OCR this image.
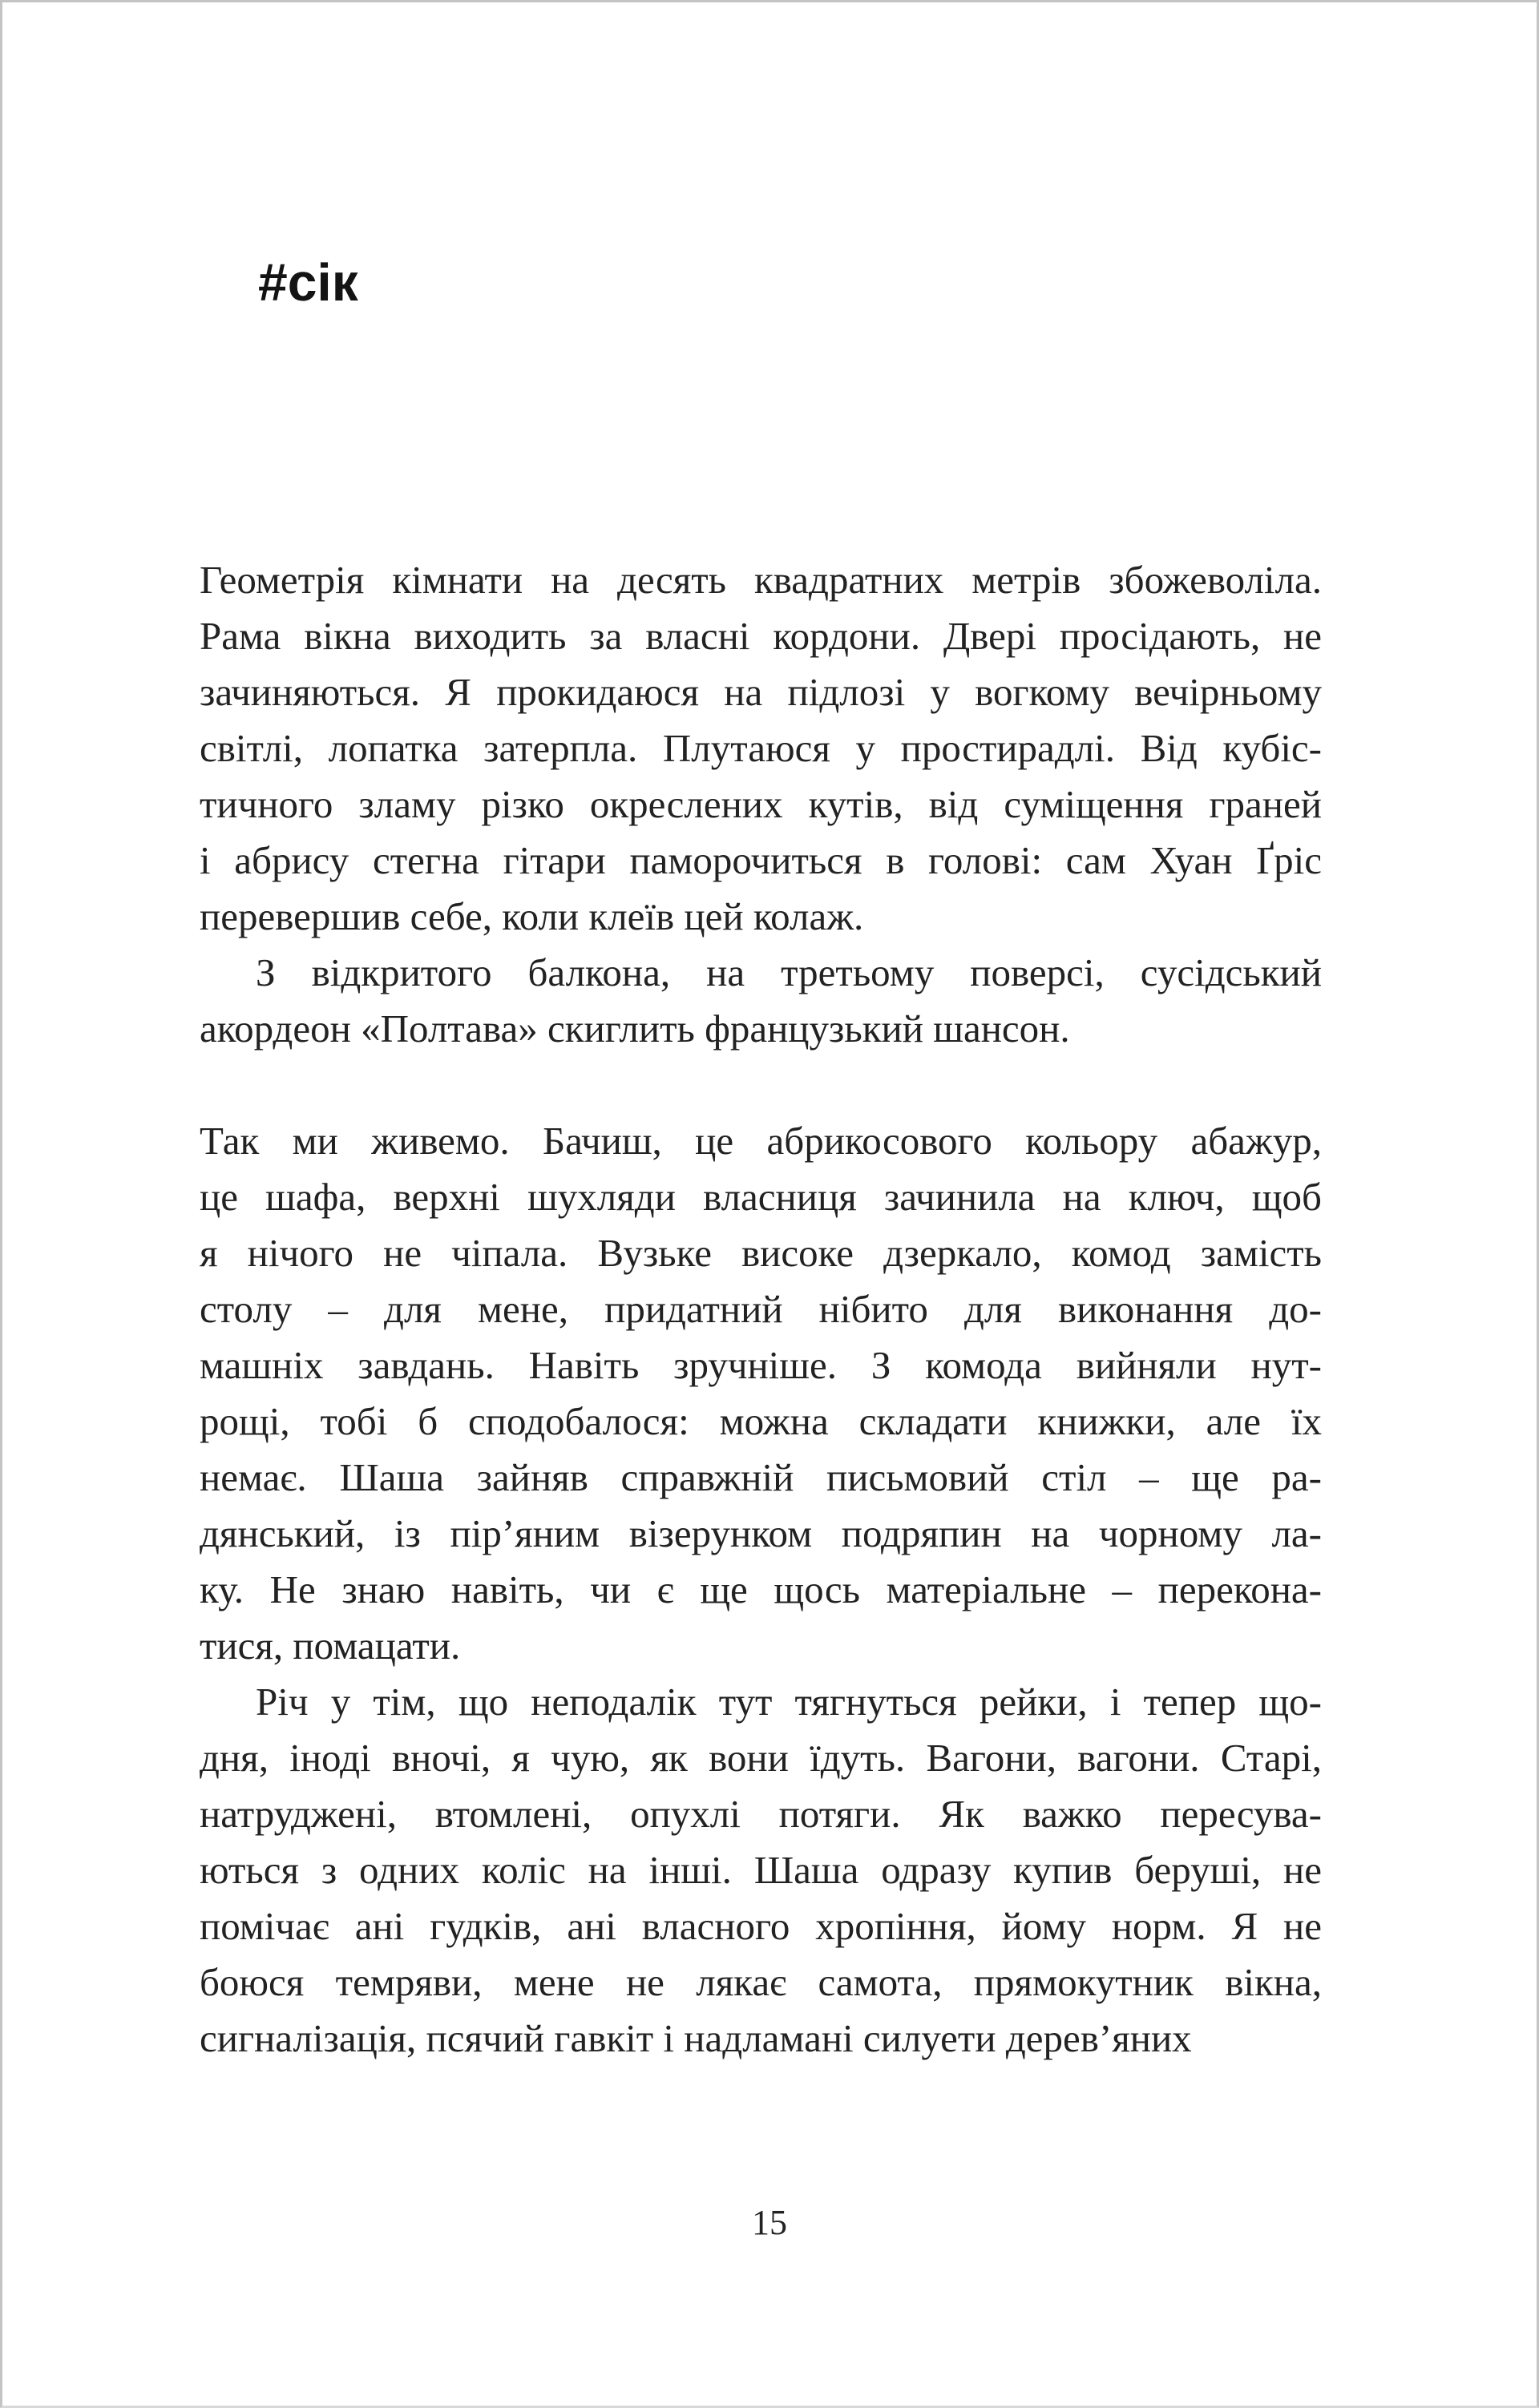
#сік
Геометрія кімнати на десять квадратних метрів збожеволіла.
Рама вікна виходить за власні кордони. Двері просідають, не
зачиняються. Я прокидаюся на підлозі у вогкому вечірньому
світлі, лопатка затерпла. Плутаюся у простирадлі. Від кубіс-
тичного зламу різко окреслених кутів, від суміщення граней
і абрису стегна гітари паморочиться в голові: сам Хуан Ґріс
перевершив себе, коли клеїв цей колаж.
З відкритого балкона, на третьому поверсі, сусідський
акордеон «Полтава» скиглить французький шансон.
Так ми живемо. Бачиш, це абрикосового кольору абажур,
це шафа, верхні шухляди власниця зачинила на ключ, щоб
я нічого не чіпала. Вузьке високе дзеркало, комод замість
столу – для мене, придатний нібито для виконання до-
машніх завдань. Навіть зручніше. З комода вийняли нут-
рощі, тобі б сподобалося: можна складати книжки, але їх
немає. Шаша зайняв справжній письмовий стіл – ще ра-
дянський, із пір’яним візерунком подряпин на чорному ла-
ку. Не знаю навіть, чи є ще щось матеріальне – перекона-
тися, помацати.
Річ у тім, що неподалік тут тягнуться рейки, і тепер що-
дня, іноді вночі, я чую, як вони їдуть. Вагони, вагони. Старі,
натруджені, втомлені, опухлі потяги. Як важко пересува-
ються з одних коліс на інші. Шаша одразу купив беруші, не
помічає ані гудків, ані власного хропіння, йому норм. Я не
боюся темряви, мене не лякає самота, прямокутник вікна,
сигналізація, псячий гавкіт і надламані силуети дерев’яних
15
